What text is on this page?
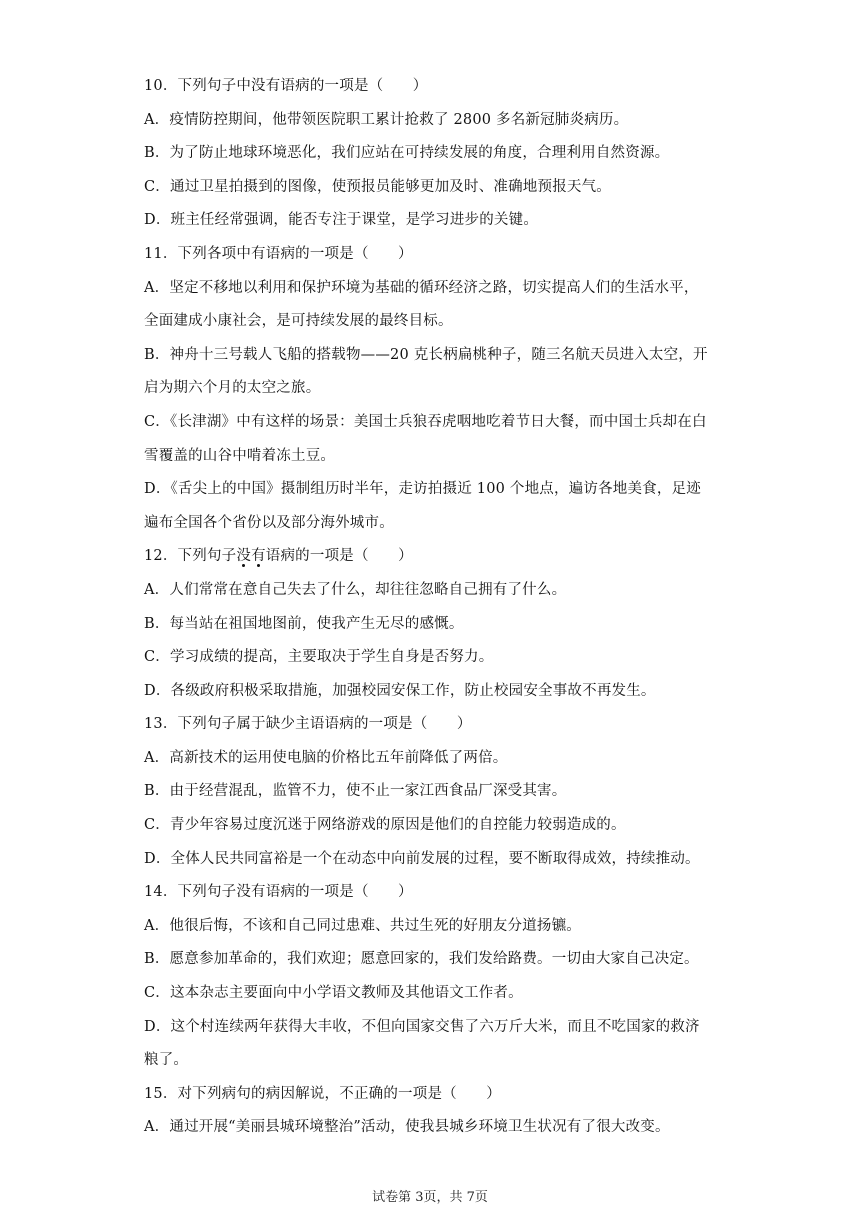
10．下列句子中没有语病的一项是（　　）
A．疫情防控期间，他带领医院职工累计抢救了 2800 多名新冠肺炎病历。
B．为了防止地球环境恶化，我们应站在可持续发展的角度，合理利用自然资源。
C．通过卫星拍摄到的图像，使预报员能够更加及时、准确地预报天气。
D．班主任经常强调，能否专注于课堂，是学习进步的关键。
11．下列各项中有语病的一项是（　　）
A．坚定不移地以利用和保护环境为基础的循环经济之路，切实提高人们的生活水平，
全面建成小康社会，是可持续发展的最终目标。
B．神舟十三号载人飞船的搭载物——20 克长柄扁桃种子，随三名航天员进入太空，开
启为期六个月的太空之旅。
C．《长津湖》中有这样的场景：美国士兵狼吞虎咽地吃着节日大餐，而中国士兵却在白
雪覆盖的山谷中啃着冻土豆。
D．《舌尖上的中国》摄制组历时半年，走访拍摄近 100 个地点，遍访各地美食，足迹
遍布全国各个省份以及部分海外城市。
12．下列句子没有语病的一项是（　　）
A．人们常常在意自己失去了什么，却往往忽略自己拥有了什么。
B．每当站在祖国地图前，使我产生无尽的感慨。
C．学习成绩的提高，主要取决于学生自身是否努力。
D．各级政府积极采取措施，加强校园安保工作，防止校园安全事故不再发生。
13．下列句子属于缺少主语语病的一项是（　　）
A．高新技术的运用使电脑的价格比五年前降低了两倍。
B．由于经营混乱，监管不力，使不止一家江西食品厂深受其害。
C．青少年容易过度沉迷于网络游戏的原因是他们的自控能力较弱造成的。
D．全体人民共同富裕是一个在动态中向前发展的过程，要不断取得成效，持续推动。
14．下列句子没有语病的一项是（　　）
A．他很后悔，不该和自己同过患难、共过生死的好朋友分道扬镳。
B．愿意参加革命的，我们欢迎；愿意回家的，我们发给路费。一切由大家自己决定。
C．这本杂志主要面向中小学语文教师及其他语文工作者。
D．这个村连续两年获得大丰收，不但向国家交售了六万斤大米，而且不吃国家的救济
粮了。
15．对下列病句的病因解说，不正确的一项是（　　）
A．通过开展“美丽县城环境整治”活动，使我县城乡环境卫生状况有了很大改变。
试卷第 3页，共 7页
